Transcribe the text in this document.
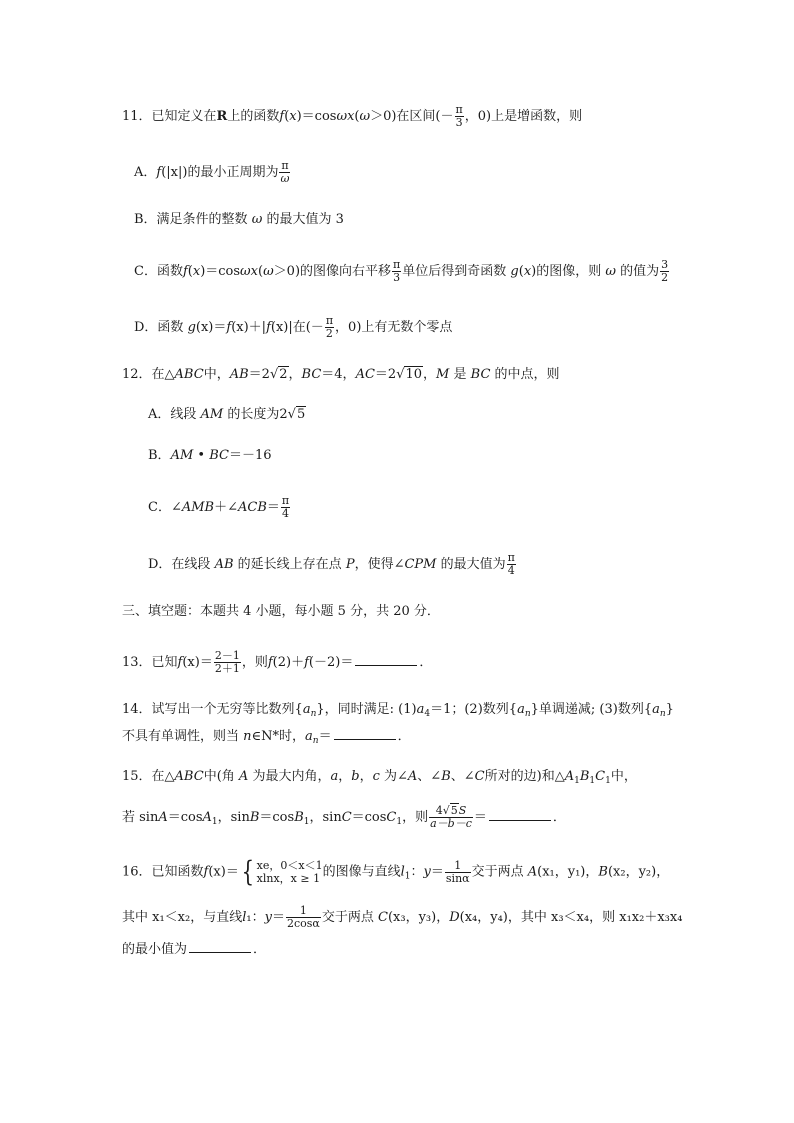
11．已知定义在R上的函数f(x)＝cosωx(ω＞0)在区间(－ $\frac{\pi}{3}$ ，0)上是增函数，则
A．f(|x|)的最小正周期为 $\frac{\pi}{\omega}$
B．满足条件的整数 ω 的最大值为 3
C．函数f(x)＝cosωx(ω＞0)的图像向右平移 $\frac{\pi}{3}$ 单位后得到奇函数 g(x)的图像，则 ω 的值为 $\frac{3}{2}$
D．函数 g(x)＝f(x)＋|f(x)|在(－ $\frac{\pi}{2}$ ，0)上有无数个零点
12．在△ABC中，AB＝2√2，BC＝4，AC＝2√10，M 是 BC 的中点，则
A．线段 AM 的长度为2√5
B．AM • BC＝－16
C．∠AMB＋∠ACB＝ $\frac{\pi}{4}$
D．在线段 AB 的延长线上存在点 P，使得∠CPM 的最大值为 $\frac{\pi}{4}$
三、填空题：本题共 4 小题，每小题 5 分，共 20 分．
13．已知$f(x)= \frac{2-1}{2+1}$ ，则f(2)＋f(－2)＝	．
14．试写出一个无穷等比数列$\{a_n\}$，同时满足: $(1)a_4=1$；(2)数列$\{a_n\}$单调递减; (3)数列$\{a_n\}$
不具有单调性，则当 n∈N*时，$a_n=$	．
15．在△ABC中(角 A 为最大内角，a，b，c 为∠A、∠B、∠C所对的边)和$\triangle A_1B_1C_1$中，
若 sinA＝cosA$_1$，sinB＝cosB$_1$，sinC＝cosC$_1$，则 $\frac{4√5S}{a-b-c}$ ＝	．
16．已知函数f(x)＝{ xe，0＜x＜1
xlnx，x ≥ 1 的图像与直线$l_1$：$y= \frac{1}{\sin\alpha}$ 交于两点 A(x₁，y₁)，B(x₂，y₂)，
其中 x₁＜x₂，与直线l₁：$y= \frac{1}{2\cos\alpha}$ 交于两点 C(x₃，y₃)，D(x₄，y₄)，其中 x₃＜x₄，则 x₁x₂＋x₃x₄
的最小值为	．
